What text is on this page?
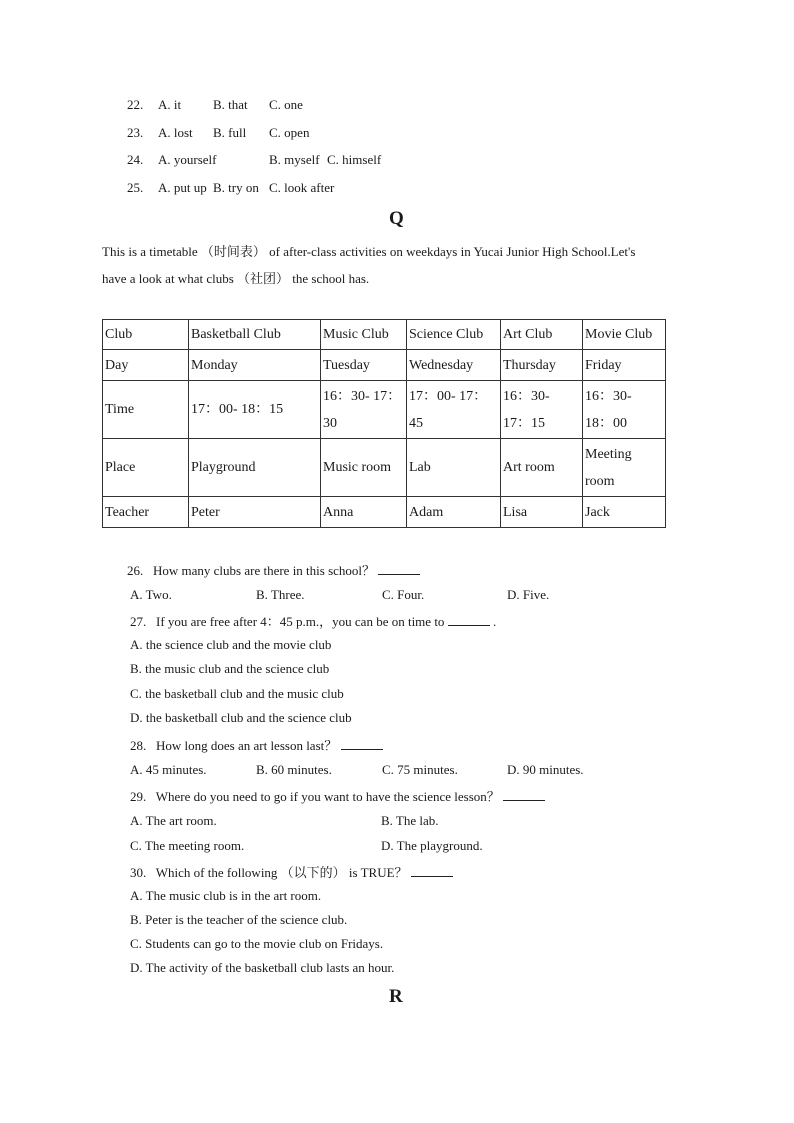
22. A. it B. that C. one
23. A. lost B. full C. open
24. A. yourself	B. myself C. himself
25. A. put up B. try on C. look after
Q
This is a timetable （时间表） of after-class activities on weekdays in Yucai Junior High School.Let's
have a look at what clubs （社团） the school has.
Club	Basketball Club	Music Club	Science Club	Art Club	Movie Club
Day	Monday	Tuesday	Wednesday	Thursday	Friday
Time	17：00- 18：15	16：30- 17：30	17：00- 17：45	16：30- 17：15	16：30- 18：00
Place	Playground	Music room	Lab	Art room	Meeting room
Teacher	Peter	Anna	Adam	Lisa	Jack
26. How many clubs are there in this school？
A. Two.	B. Three.	C. Four.	D. Five.
27. If you are free after 4：45 p.m.，you can be on time to	.
A. the science club and the movie club
B. the music club and the science club
C. the basketball club and the music club
D. the basketball club and the science club
28. How long does an art lesson last？
A. 45 minutes.	B. 60 minutes.	C. 75 minutes.	D. 90 minutes.
29. Where do you need to go if you want to have the science lesson？
A. The art room.	B. The lab.
C. The meeting room.	D. The playground.
30. Which of the following （以下的） is TRUE？
A. The music club is in the art room.
B. Peter is the teacher of the science club.
C. Students can go to the movie club on Fridays.
D. The activity of the basketball club lasts an hour.
R
